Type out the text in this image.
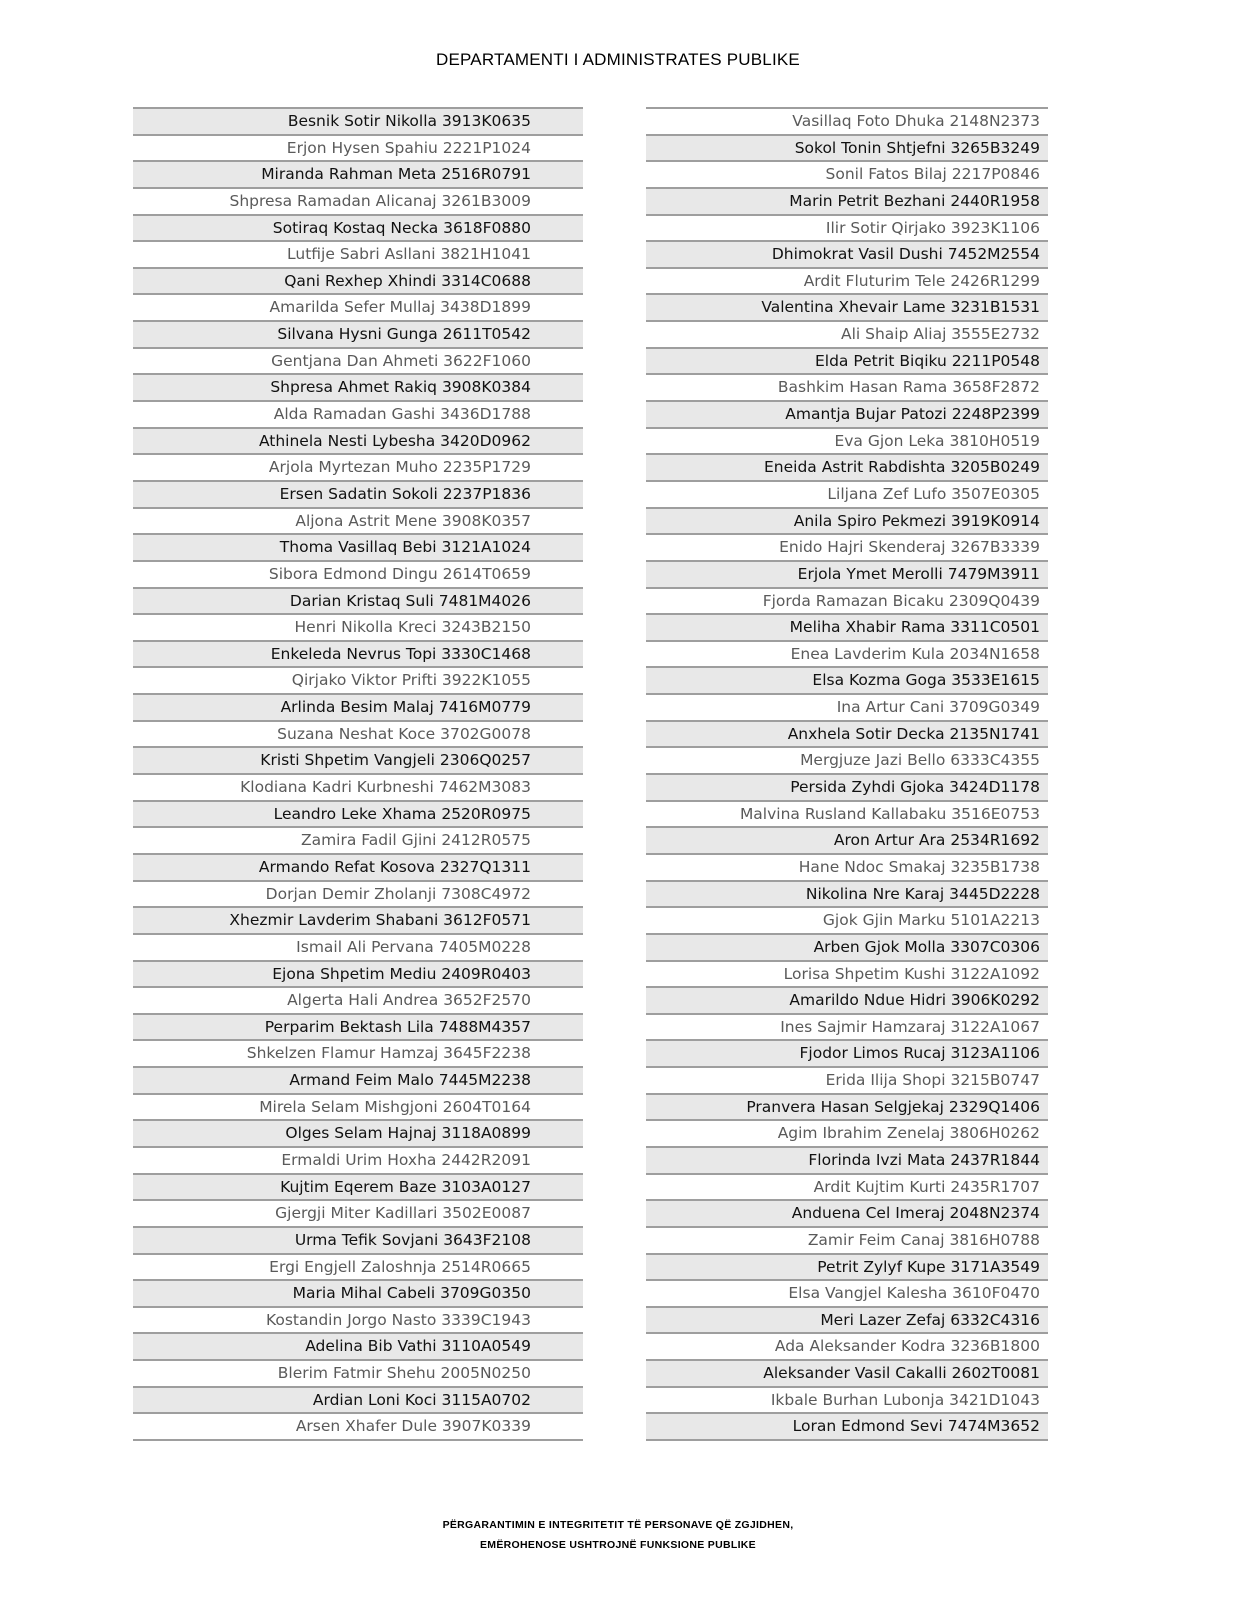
DEPARTAMENTI I ADMINISTRATES PUBLIKE
Besnik Sotir Nikolla 3913K0635
Erjon Hysen Spahiu 2221P1024
Miranda Rahman Meta 2516R0791
Shpresa Ramadan Alicanaj 3261B3009
Sotiraq Kostaq Necka 3618F0880
Lutfije Sabri Asllani 3821H1041
Qani Rexhep Xhindi 3314C0688
Amarilda Sefer Mullaj 3438D1899
Silvana Hysni Gunga 2611T0542
Gentjana Dan Ahmeti 3622F1060
Shpresa Ahmet Rakiq 3908K0384
Alda Ramadan Gashi 3436D1788
Athinela Nesti Lybesha 3420D0962
Arjola Myrtezan Muho 2235P1729
Ersen Sadatin Sokoli 2237P1836
Aljona Astrit Mene 3908K0357
Thoma Vasillaq Bebi 3121A1024
Sibora Edmond Dingu 2614T0659
Darian Kristaq Suli 7481M4026
Henri Nikolla Kreci 3243B2150
Enkeleda Nevrus Topi 3330C1468
Qirjako Viktor Prifti 3922K1055
Arlinda Besim Malaj 7416M0779
Suzana Neshat Koce 3702G0078
Kristi Shpetim Vangjeli 2306Q0257
Klodiana Kadri Kurbneshi 7462M3083
Leandro Leke Xhama 2520R0975
Zamira Fadil Gjini 2412R0575
Armando Refat Kosova 2327Q1311
Dorjan Demir Zholanji 7308C4972
Xhezmir Lavderim Shabani 3612F0571
Ismail Ali Pervana 7405M0228
Ejona Shpetim Mediu 2409R0403
Algerta Hali Andrea 3652F2570
Perparim Bektash Lila 7488M4357
Shkelzen Flamur Hamzaj 3645F2238
Armand Feim Malo 7445M2238
Mirela Selam Mishgjoni 2604T0164
Olges Selam Hajnaj 3118A0899
Ermaldi Urim Hoxha 2442R2091
Kujtim Eqerem Baze 3103A0127
Gjergji Miter Kadillari 3502E0087
Urma Tefik Sovjani 3643F2108
Ergi Engjell Zaloshnja 2514R0665
Maria Mihal Cabeli 3709G0350
Kostandin Jorgo Nasto 3339C1943
Adelina Bib Vathi 3110A0549
Blerim Fatmir Shehu 2005N0250
Ardian Loni Koci 3115A0702
Arsen Xhafer Dule 3907K0339
Vasillaq Foto Dhuka 2148N2373
Sokol Tonin Shtjefni 3265B3249
Sonil Fatos Bilaj 2217P0846
Marin Petrit Bezhani 2440R1958
Ilir Sotir Qirjako 3923K1106
Dhimokrat Vasil Dushi 7452M2554
Ardit Fluturim Tele 2426R1299
Valentina Xhevair Lame 3231B1531
Ali Shaip Aliaj 3555E2732
Elda Petrit Biqiku 2211P0548
Bashkim Hasan Rama 3658F2872
Amantja Bujar Patozi 2248P2399
Eva Gjon Leka 3810H0519
Eneida Astrit Rabdishta 3205B0249
Liljana Zef Lufo 3507E0305
Anila Spiro Pekmezi 3919K0914
Enido Hajri Skenderaj 3267B3339
Erjola Ymet Merolli 7479M3911
Fjorda Ramazan Bicaku 2309Q0439
Meliha Xhabir Rama 3311C0501
Enea Lavderim Kula 2034N1658
Elsa Kozma Goga 3533E1615
Ina Artur Cani 3709G0349
Anxhela Sotir Decka 2135N1741
Mergjuze Jazi Bello 6333C4355
Persida Zyhdi Gjoka 3424D1178
Malvina Rusland Kallabaku 3516E0753
Aron Artur Ara 2534R1692
Hane Ndoc Smakaj 3235B1738
Nikolina Nre Karaj 3445D2228
Gjok Gjin Marku 5101A2213
Arben Gjok Molla 3307C0306
Lorisa Shpetim Kushi 3122A1092
Amarildo Ndue Hidri 3906K0292
Ines Sajmir Hamzaraj 3122A1067
Fjodor Limos Rucaj 3123A1106
Erida Ilija Shopi 3215B0747
Pranvera Hasan Selgjekaj 2329Q1406
Agim Ibrahim Zenelaj 3806H0262
Florinda Ivzi Mata 2437R1844
Ardit Kujtim Kurti 2435R1707
Anduena Cel Imeraj 2048N2374
Zamir Feim Canaj 3816H0788
Petrit Zylyf Kupe 3171A3549
Elsa Vangjel Kalesha 3610F0470
Meri Lazer Zefaj 6332C4316
Ada Aleksander Kodra 3236B1800
Aleksander Vasil Cakalli 2602T0081
Ikbale Burhan Lubonja 3421D1043
Loran Edmond Sevi 7474M3652
PËRGARANTIMIN E INTEGRITETIT TË PERSONAVE QË ZGJIDHEN,
EMËROHENOSE USHTROJNË FUNKSIONE PUBLIKE
